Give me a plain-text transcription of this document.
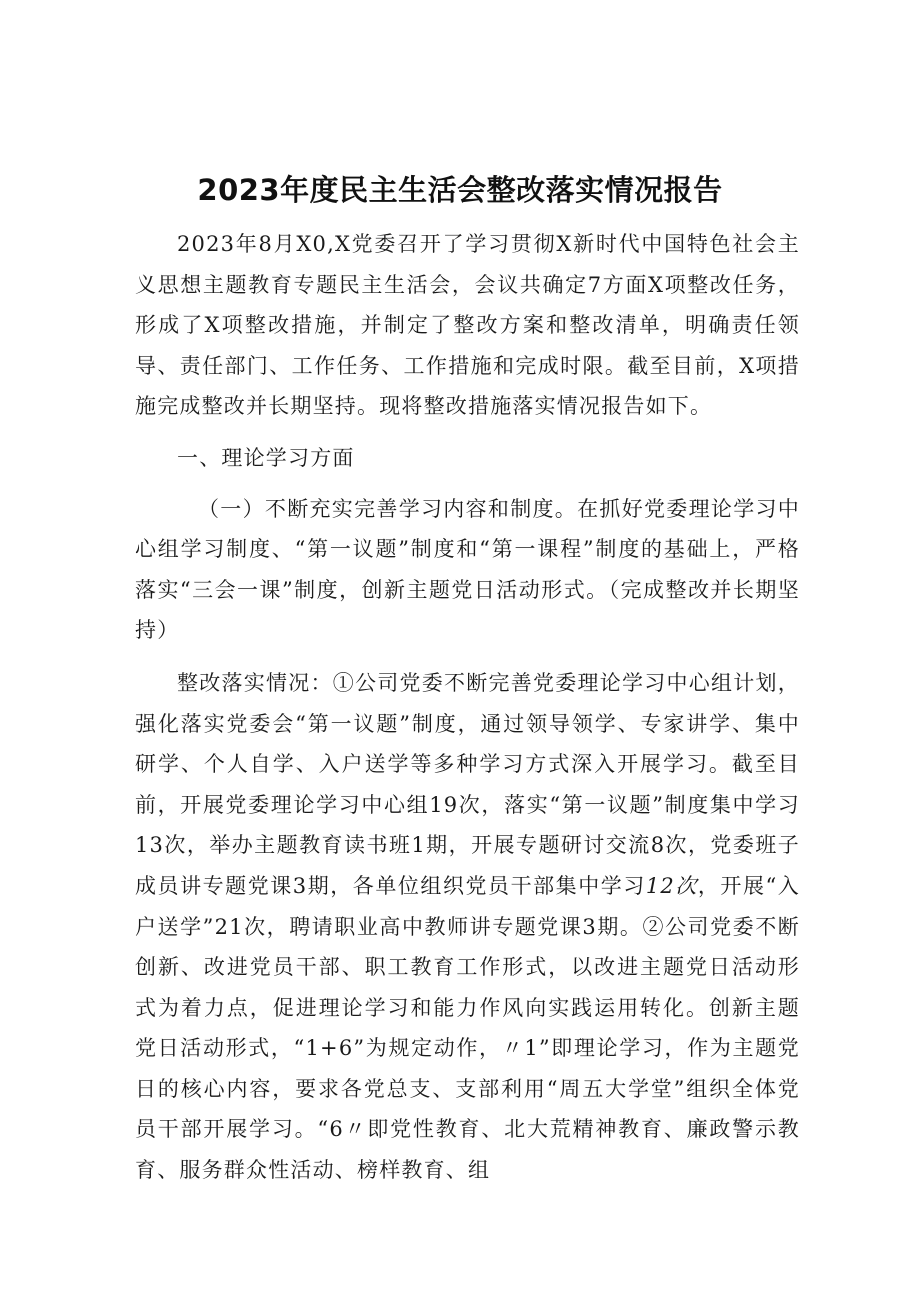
2023年度民主生活会整改落实情况报告

2023年8月X0,X党委召开了学习贯彻X新时代中国特色社会主义思想主题教育专题民主生活会，会议共确定7方面X项整改任务，形成了X项整改措施，并制定了整改方案和整改清单，明确责任领导、责任部门、工作任务、工作措施和完成时限。截至目前，X项措施完成整改并长期坚持。现将整改措施落实情况报告如下。

一、理论学习方面

（一）不断充实完善学习内容和制度。在抓好党委理论学习中心组学习制度、“第一议题”制度和“第一课程”制度的基础上，严格落实“三会一课”制度，创新主题党日活动形式。（完成整改并长期坚持）

整改落实情况：①公司党委不断完善党委理论学习中心组计划，强化落实党委会“第一议题”制度，通过领导领学、专家讲学、集中研学、个人自学、入户送学等多种学习方式深入开展学习。截至目前，开展党委理论学习中心组19次，落实“第一议题”制度集中学习13次，举办主题教育读书班1期，开展专题研讨交流8次，党委班子成员讲专题党课3期，各单位组织党员干部集中学习12次，开展“入户送学”21次，聘请职业高中教师讲专题党课3期。②公司党委不断创新、改进党员干部、职工教育工作形式，以改进主题党日活动形式为着力点，促进理论学习和能力作风向实践运用转化。创新主题党日活动形式，“1+6”为规定动作，〃1”即理论学习，作为主题党日的核心内容，要求各党总支、支部利用“周五大学堂”组织全体党员干部开展学习。“6〃即党性教育、北大荒精神教育、廉政警示教育、服务群众性活动、榜样教育、组
